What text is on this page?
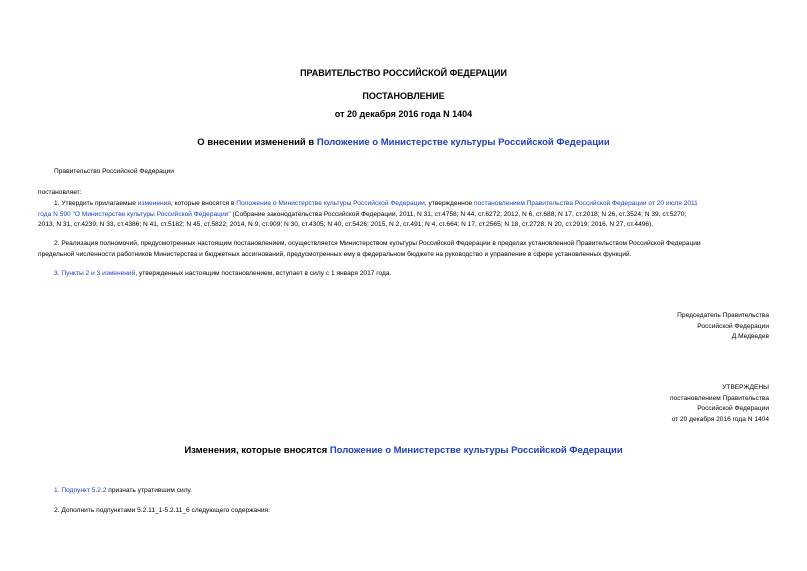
ПРАВИТЕЛЬСТВО РОССИЙСКОЙ ФЕДЕРАЦИИ
ПОСТАНОВЛЕНИЕ
от 20 декабря 2016 года N 1404
О внесении изменений в Положение о Министерстве культуры Российской Федерации
Правительство Российской Федерации
постановляет:
1. Утвердить прилагаемые изменения, которые вносятся в Положение о Министерстве культуры Российской Федерации, утвержденное постановлением Правительства Российской Федерации от 20 июля 2011
года N 590 "О Министерстве культуры Российской Федерации" (Собрание законодательства Российской Федерации, 2011, N 31, ст.4758; N 44, ст.6272; 2012, N 6, ст.688; N 17, ст.2018; N 26, ст.3524; N 39, ст.5270;
2013, N 31, ст.4239; N 33, ст.4386; N 41, ст.5182; N 45, ст.5822; 2014, N 9, ст.909; N 30, ст.4305; N 40, ст.5426; 2015, N 2, ст.491; N 4, ст.664; N 17, ст.2565; N 18, ст.2728; N 20, ст.2919; 2016, N 27, ст.4496).
2. Реализация полномочий, предусмотренных настоящим постановлением, осуществляется Министерством культуры Российской Федерации в пределах установленной Правительством Российской Федерации
предельной численности работников Министерства и бюджетных ассигнований, предусмотренных ему в федеральном бюджете на руководство и управление в сфере установленных функций.
3. Пункты 2 и 3 изменений, утвержденных настоящим постановлением, вступает в силу с 1 января 2017 года.
Председатель Правительства
Российской Федерации
Д.Медведев
УТВЕРЖДЕНЫ
постановлением Правительства
Российской Федерации
от 20 декабря 2016 года N 1404
Изменения, которые вносятся Положение о Министерстве культуры Российской Федерации
1. Подпункт 5.2.2 признать утратившим силу.
2. Дополнить подпунктами 5.2.11_1-5.2.11_6 следующего содержания:
